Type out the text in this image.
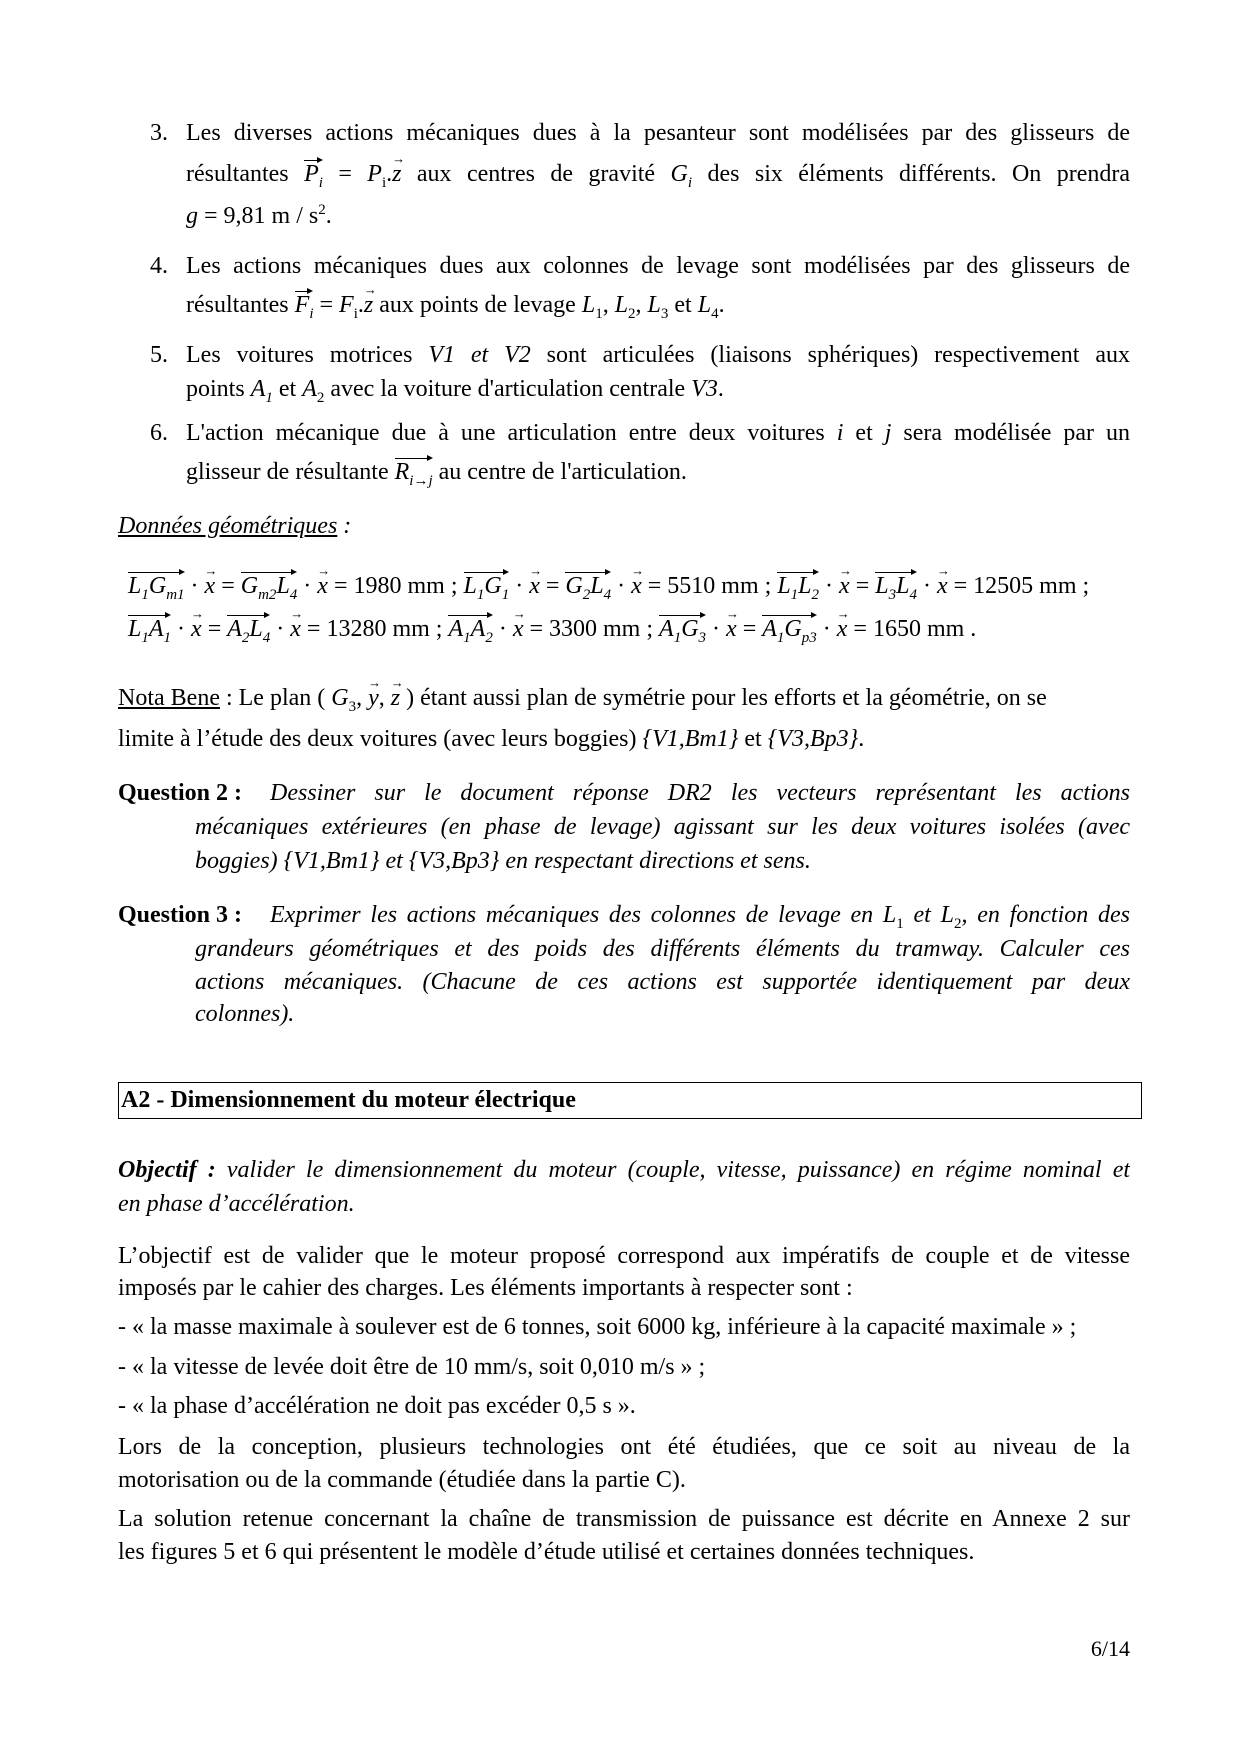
3. Les diverses actions mécaniques dues à la pesanteur sont modélisées par des glisseurs de
résultantes $P_i = P_i.z$ → aux centres de gravité $G_i$ des six éléments différents. On prendra
g = 9,81 m / $s^2$.
4. Les actions mécaniques dues aux colonnes de levage sont modélisées par des glisseurs de
résultantes $F_i = F_i.z$ → aux points de levage $L_1$, $L_2$, $L_3$ et $L_4$.
5. Les voitures motrices V1 et V2 sont articulées (liaisons sphériques) respectivement aux
points $A_1$ et $A_2$ avec la voiture d'articulation centrale V3.
6. L'action mécanique due à une articulation entre deux voitures i et j sera modélisée par un
glisseur de résultante $R_{i\to j}$ au centre de l'articulation.
Données géométriques :
$L_1G_{m1} \cdot x$ → = $G_{m2}L_4 \cdot x$ → = 1980 mm ; $L_1G_1 \cdot x$ → = $G_2L_4 \cdot x$ → = 5510 mm ; $L_1L_2 \cdot x$ → = $L_3L_4 \cdot x$ → = 12505 mm ;
$L_1A_1 \cdot x$ → = $A_2L_4 \cdot x$ → = 13280 mm ; $A_1A_2 \cdot x$ → = 3300 mm ; $A_1G_3 \cdot x$ → = $A_1G_{p3} \cdot x$ → = 1650 mm .
Nota Bene : Le plan ( $G_3$, y →, z → ) étant aussi plan de symétrie pour les efforts et la géométrie, on se
limite à l’étude des deux voitures (avec leurs boggies) {V1,Bm1} et {V3,Bp3}.
Question 2 : Dessiner sur le document réponse DR2 les vecteurs représentant les actions
mécaniques extérieures (en phase de levage) agissant sur les deux voitures isolées (avec
boggies) {V1,Bm1} et {V3,Bp3} en respectant directions et sens.
Question 3 : Exprimer les actions mécaniques des colonnes de levage en $L_1$ et $L_2$, en fonction des
grandeurs géométriques et des poids des différents éléments du tramway. Calculer ces
actions mécaniques. (Chacune de ces actions est supportée identiquement par deux
colonnes).
A2 - Dimensionnement du moteur électrique
Objectif : valider le dimensionnement du moteur (couple, vitesse, puissance) en régime nominal et
en phase d’accélération.
L’objectif est de valider que le moteur proposé correspond aux impératifs de couple et de vitesse
imposés par le cahier des charges. Les éléments importants à respecter sont :
- « la masse maximale à soulever est de 6 tonnes, soit 6000 kg, inférieure à la capacité maximale » ;
- « la vitesse de levée doit être de 10 mm/s, soit 0,010 m/s » ;
- « la phase d’accélération ne doit pas excéder 0,5 s ».
Lors de la conception, plusieurs technologies ont été étudiées, que ce soit au niveau de la
motorisation ou de la commande (étudiée dans la partie C).
La solution retenue concernant la chaîne de transmission de puissance est décrite en Annexe 2 sur
les figures 5 et 6 qui présentent le modèle d’étude utilisé et certaines données techniques.
6/14
